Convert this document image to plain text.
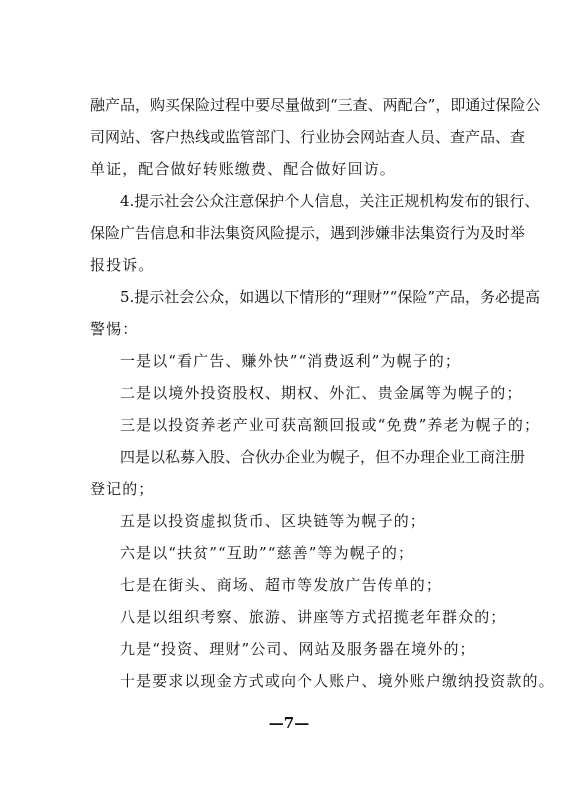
融产品，购买保险过程中要尽量做到“三查、两配合”，即通过保险公
司网站、客户热线或监管部门、行业协会网站查人员、查产品、查
单证，配合做好转账缴费、配合做好回访。
4.提示社会公众注意保护个人信息，关注正规机构发布的银行、
保险广告信息和非法集资风险提示，遇到涉嫌非法集资行为及时举
报投诉。
5.提示社会公众，如遇以下情形的“理财”“保险”产品，务必提高
警惕：
一是以“看广告、赚外快”“消费返利”为幌子的；
二是以境外投资股权、期权、外汇、贵金属等为幌子的；
三是以投资养老产业可获高额回报或“免费”养老为幌子的；
四是以私募入股、合伙办企业为幌子，但不办理企业工商注册
登记的；
五是以投资虚拟货币、区块链等为幌子的；
六是以“扶贫”“互助”“慈善”等为幌子的；
七是在街头、商场、超市等发放广告传单的；
八是以组织考察、旅游、讲座等方式招揽老年群众的；
九是“投资、理财”公司、网站及服务器在境外的；
十是要求以现金方式或向个人账户、境外账户缴纳投资款的。
—7—
